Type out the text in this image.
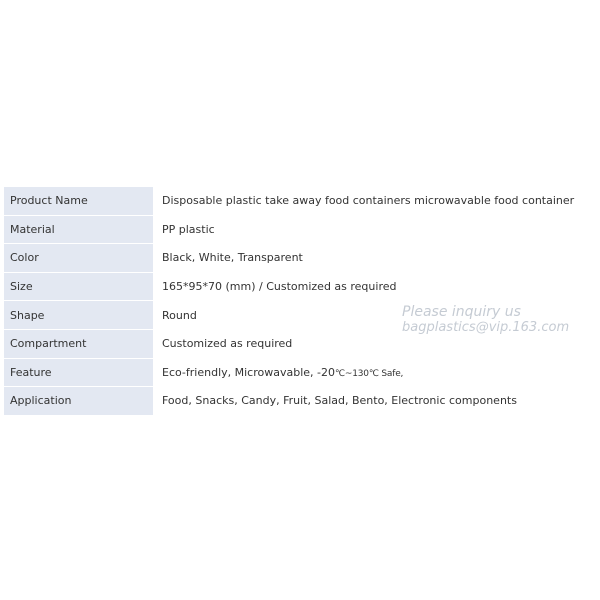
Product Name	Disposable plastic take away food containers microwavable food container
Material	PP plastic
Color	Black, White, Transparent
Size	165*95*70 (mm) / Customized as required
Shape	Round
Compartment	Customized as required
Feature	Eco-friendly, Microwavable, -20℃~130℃ Safe,
Application	Food, Snacks, Candy, Fruit, Salad, Bento, Electronic components
Please inquiry us
bagplastics@vip.163.com
